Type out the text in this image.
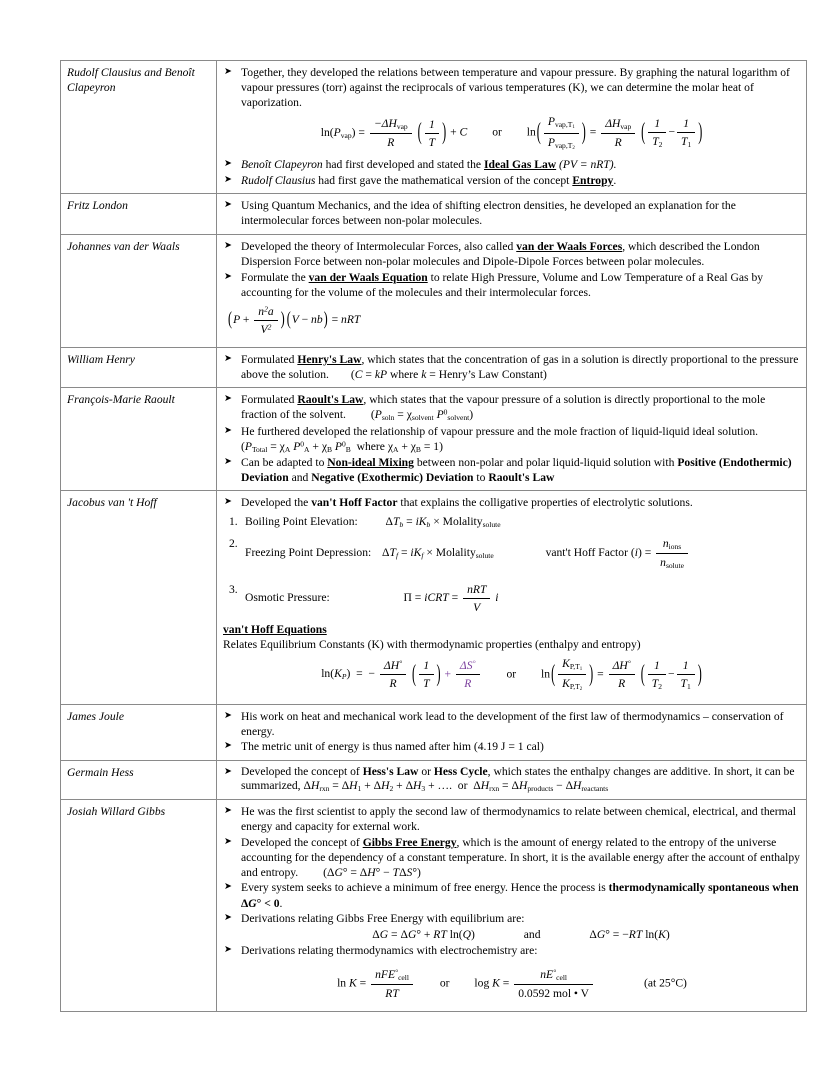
Rudolf Clausius and Benoît Clapeyron	
➤ Together, they developed the relations between temperature and vapour pressure. By graphing the natural logarithm of vapour pressures (torr) against the reciprocals of various temperatures (K), we can determine the molar heat of vaporization.
$\ln(P_{vap}) = \frac{-\Delta H_{vap}}{R}$ ( $\frac{1}{T}$ ) + C or $\ln( \frac{P_{vap,T_1}}{P_{vap,T_2}}$ ) = $\frac{\Delta H_{vap}}{R}$ ( $\frac{1}{T_2} - \frac{1}{T_1}$ )
➤ Benoît Clapeyron had first developed and stated the Ideal Gas Law (PV = nRT).
➤ Rudolf Clausius had first gave the mathematical version of the concept Entropy.

Fritz London	
➤Using Quantum Mechanics, and the idea of shifting electron densities, he developed an explanation for the intermolecular forces between non-polar molecules.

Johannes van der Waals	
➤Developed the theory of Intermolecular Forces, also called van der Waals Forces, which described the London Dispersion Force between non-polar molecules and Dipole-Dipole Forces between polar molecules.
➤ Formulate the van der Waals Equation to relate High Pressure, Volume and Low Temperature of a Real Gas by accounting for the volume of the molecules and their intermolecular forces.
($P + \frac{n^2a}{V^2}$ ) (V − nb) = nRT

William Henry	
➤Formulated Henry's Law, which states that the concentration of gas in a solution is directly proportional to the pressure above the solution. (C = kP where k = Henry’s Law Constant)

François-Marie Raoult	
➤Formulated Raoult's Law, which states that the vapour pressure of a solution is directly proportional to the mole fraction of the solvent. ($P_{soln} = \chi_{solvent}$ $P^0_{solvent}$)
➤ He furthered developed the relationship of vapour pressure and the mole fraction of liquid-liquid ideal solution. ($P_{Total} = \chi_A$ $P^0_A + \chi_B$ $P^0_B$  where $\chi_A + \chi_B = 1$)
➤ Can be adapted to Non-ideal Mixing between non-polar and polar liquid-liquid solution with Positive (Endothermic) Deviation and Negative (Exothermic) Deviation to Raoult's Law

Jacobus van 't Hoff	
➤Developed the van't Hoff Factor that explains the colligative properties of electrolytic solutions.
1. Boiling Point Elevation: $\Delta T_b = iK_b$ × Molality$_{solute}$
2.
Freezing Point Depression: $\Delta T_f = iK_f$ × Molality$_{solute}$	vant't Hoff Factor $(i) = \frac{n_{ions}}{n_{solute}}$
3.
Osmotic Pressure:	Π = iCRT = $\frac{\text{nRT}}{V}$ i
van't Hoff Equations
Relates Equilibrium Constants (K) with thermodynamic properties (enthalpy and entropy)
$\ln(K_P)$  =  − $\frac{\Delta H^\circ}{R}$ ( $\frac{1}{T}$ ) + $\frac{\Delta S^\circ}{R}$ or $\ln( \frac{K_{P,T_1}}{K_{P,T_2}}$ ) = $\frac{\Delta H^\circ}{R}$ ( $\frac{1}{T_2} - \frac{1}{T_1}$ )

James Joule	
➤His work on heat and mechanical work lead to the development of the first law of thermodynamics – conservation of energy.
➤ The metric unit of energy is thus named after him (4.19 J = 1 cal)

Germain Hess	
➤Developed the concept of Hess's Law or Hess Cycle, which states the enthalpy changes are additive. In short, it can be summarized, $\Delta H_{rxn} = \Delta H_1 + \Delta H_2 + \Delta H_3$ + ….  or  $\Delta H_{rxn} = \Delta H_{products} - \Delta H_{reactants}$

Josiah Willard Gibbs	
➤He was the first scientist to apply the second law of thermodynamics to relate between chemical, electrical, and thermal energy and capacity for external work.
➤ Developed the concept of Gibbs Free Energy, which is the amount of energy related to the entropy of the universe accounting for the dependency of a constant temperature. In short, it is the available energy after the account of enthalpy and entropy. (ΔG° = ΔH° − TΔS°)
➤ Every system seeks to achieve a minimum of free energy. Hence the process is thermodynamically spontaneous when ΔG° < 0.
➤ Derivations relating Gibbs Free Energy with equilibrium are:
ΔG = ΔG° + RT ln(Q)	and	ΔG° = −RT ln(K)
➤ Derivations relating thermodynamics with electrochemistry are:
$\ln K = \frac{nFE^\circ_{cell}}{RT}$ or $\log K = \frac{nE^\circ_{cell}}{\text{0.0592 mol • V}}$	(at 25°C)
